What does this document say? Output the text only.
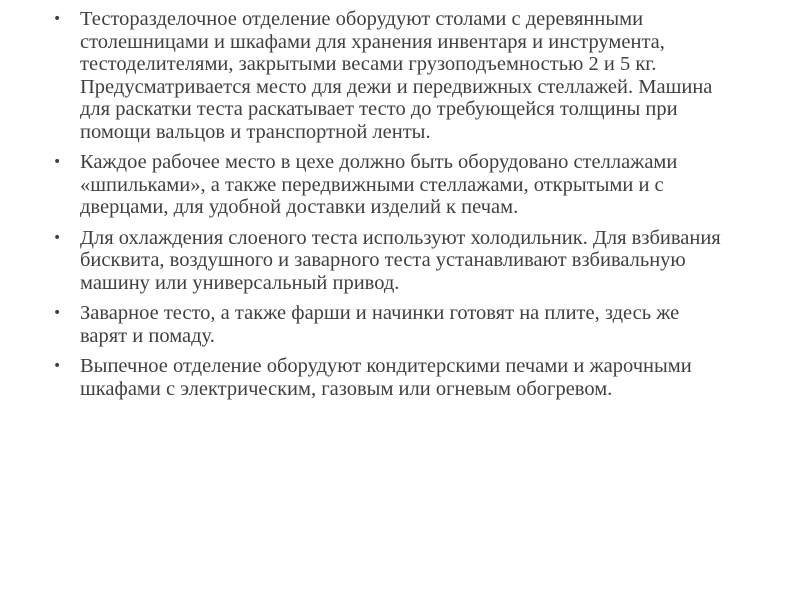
• Тесторазделочное отделение оборудуют столами с деревянными столешницами и шкафами для хранения инвентаря и инструмента, тестоделителями, закрытыми весами грузоподъемностью 2 и 5 кг. Предусматривается место для дежи и передвижных стеллажей. Машина для раскатки теста раскатывает тесто до требующейся толщины при помощи вальцов и транспортной ленты.
• Каждое рабочее место в цехе должно быть оборудовано стеллажами «шпильками», а также передвижными стеллажами, открытыми и с дверцами, для удобной доставки изделий к печам.
• Для охлаждения слоеного теста используют холодильник. Для взбивания бисквита, воздушного и заварного теста устанавливают взбивальную машину или универсальный привод.
• Заварное тесто, а также фарши и начинки готовят на плите, здесь же варят и помаду.
• Выпечное отделение оборудуют кондитерскими печами и жарочными шкафами с электрическим, газовым или огневым обогревом.
